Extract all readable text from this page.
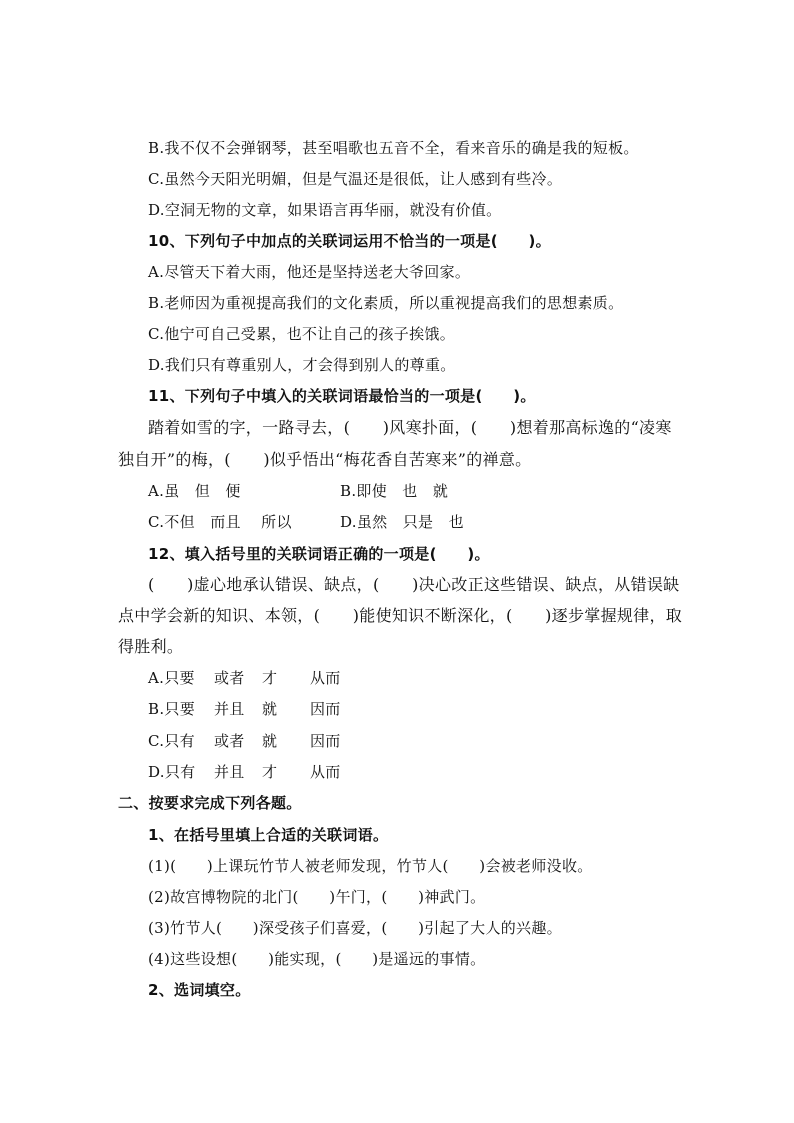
B.我不仅不会弹钢琴，甚至唱歌也五音不全，看来音乐的确是我的短板。
C.虽然今天阳光明媚，但是气温还是很低，让人感到有些冷。
D.空洞无物的文章，如果语言再华丽，就没有价值。
10、下列句子中加点的关联词运用不恰当的一项是(　　)。
A.尽管天下着大雨，他还是坚持送老大爷回家。
B.老师因为重视提高我们的文化素质，所以重视提高我们的思想素质。
C.他宁可自己受累，也不让自己的孩子挨饿。
D.我们只有尊重别人，才会得到别人的尊重。
11、下列句子中填入的关联词语最恰当的一项是(　　)。
踏着如雪的字，一路寻去，(　　)风寒扑面，(　　)想着那高标逸的“凌寒
独自开”的梅，(　　)似乎悟出“梅花香自苦寒来”的禅意。
A.虽　但　便	B.即使　也　就
C.不但　而且　 所以	D.虽然　只是　也
12、填入括号里的关联词语正确的一项是(　　)。
(　　)虚心地承认错误、缺点，(　　)决心改正这些错误、缺点，从错误缺
点中学会新的知识、本领，(　　)能使知识不断深化，(　　)逐步掌握规律，取
得胜利。
A.只要 或者 才 从而
B.只要 并且 就 因而
C.只有 或者 就 因而
D.只有 并且 才 从而
二、按要求完成下列各题。
1、在括号里填上合适的关联词语。
(1)(　　)上课玩竹节人被老师发现，竹节人(　　)会被老师没收。
(2)故宫博物院的北门(　　)午门，(　　)神武门。
(3)竹节人(　　)深受孩子们喜爱，(　　)引起了大人的兴趣。
(4)这些设想(　　)能实现，(　　)是遥远的事情。
2、选词填空。
